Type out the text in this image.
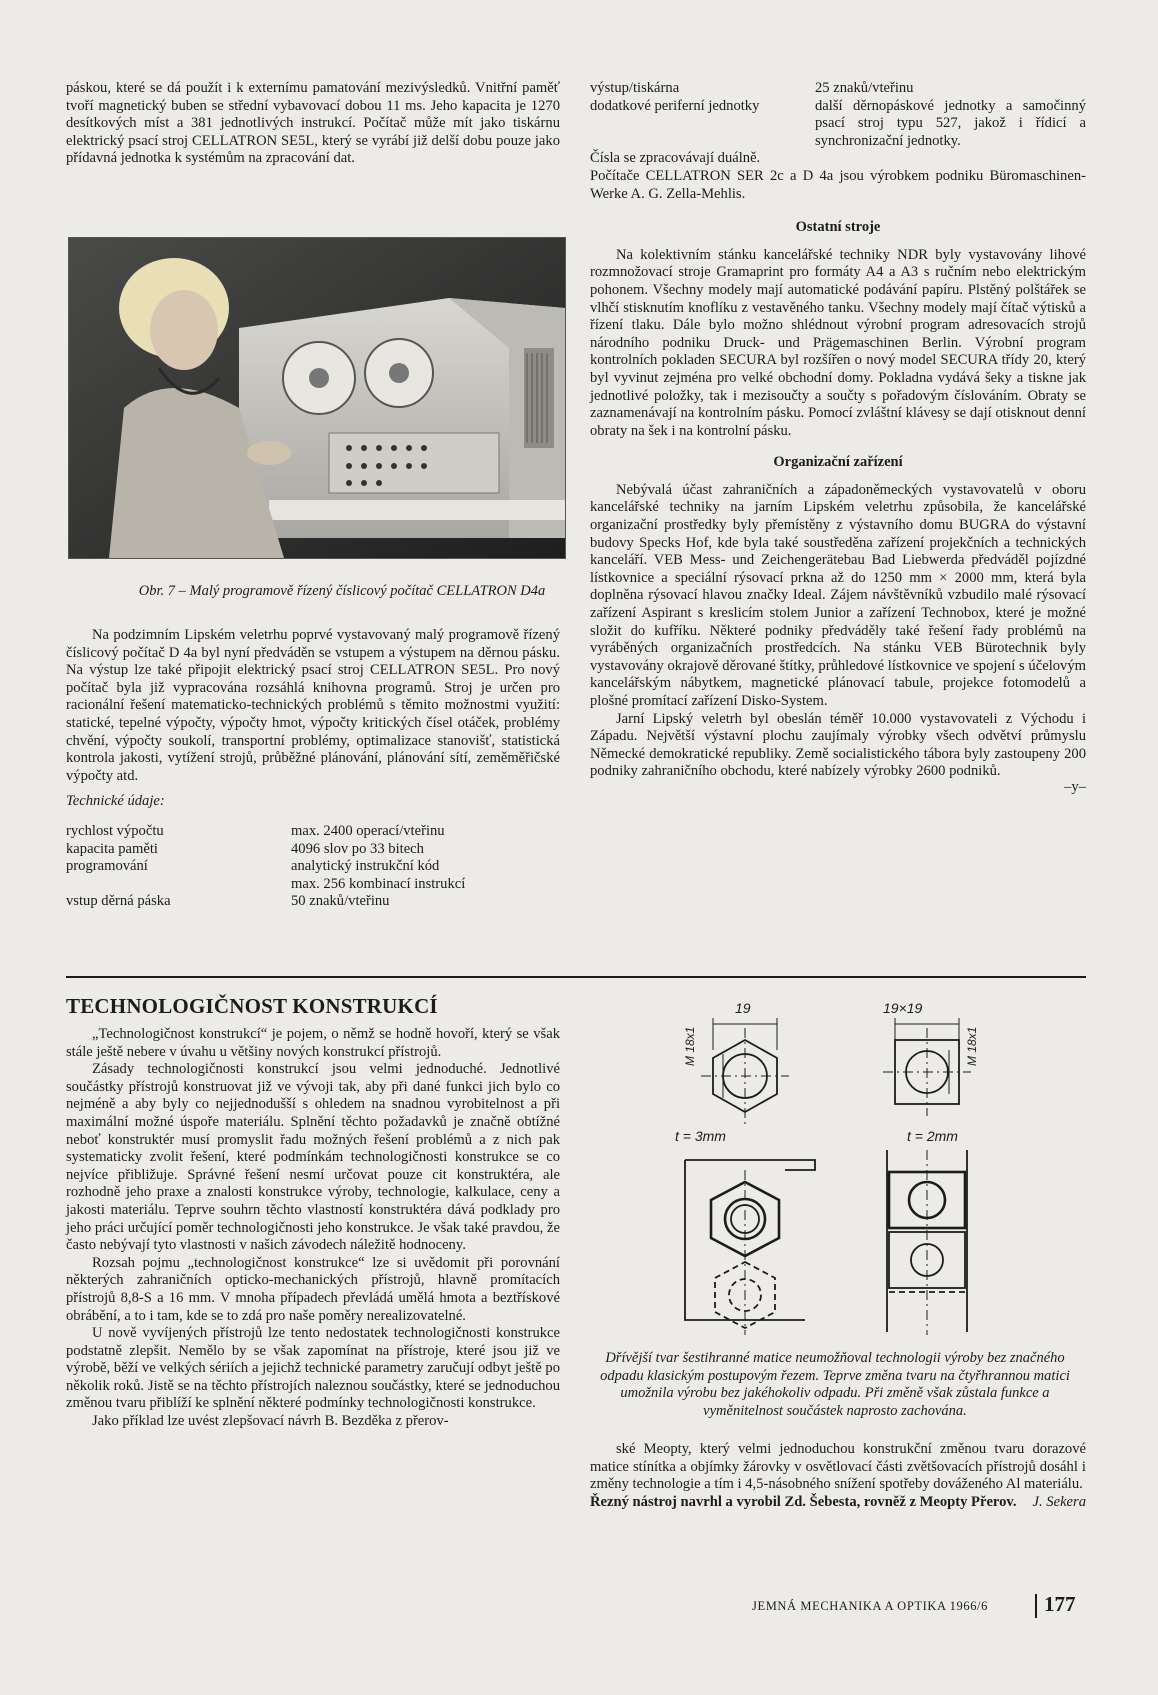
páskou, které se dá použít i k externímu pamatování mezivýsledků. Vnitřní paměť tvoří magnetický buben se střední vybavovací dobou 11 ms. Jeho kapacita je 1270 desítkových míst a 381 jednotlivých instrukcí. Počítač může mít jako tiskárnu elektrický psací stroj CELLATRON SE5L, který se vyrábí již delší dobu pouze jako přídavná jednotka k systémům na zpracování dat.

Obr. 7 – Malý programově řízený číslicový počítač CELLATRON D4a

Na podzimním Lipském veletrhu poprvé vystavovaný malý programově řízený číslicový počítač D 4a byl nyní předváděn se vstupem a výstupem na děrnou pásku. Na výstup lze také připojit elektrický psací stroj CELLATRON SE5L. Pro nový počítač byla již vypracována rozsáhlá knihovna programů. Stroj je určen pro racionální řešení matematicko-technických problémů s těmito možnostmi využití: statické, tepelné výpočty, výpočty hmot, výpočty kritických čísel otáček, problémy chvění, výpočty soukolí, transportní problémy, optimalizace stanovišť, statistická kontrola jakosti, vytížení strojů, průběžné plánování, plánování sítí, zeměměřičské výpočty atd.

Technické údaje:

rychlost výpočtu	max. 2400 operací/vteřinu
kapacita paměti	4096 slov po 33 bitech
programování	analytický instrukční kód
	max. 256 kombinací instrukcí
vstup děrná páska	50 znaků/vteřinu
výstup/tiskárna	25 znaků/vteřinu
dodatkové periferní jednotky	další děrnopáskové jednotky a samočinný psací stroj typu 527, jakož i řídicí a synchronizační jednotky.

Čísla se zpracovávají duálně.

Počítače CELLATRON SER 2c a D 4a jsou výrobkem podniku Büromaschinen-Werke A. G. Zella-Mehlis.

Ostatní stroje

Na kolektivním stánku kancelářské techniky NDR byly vystavovány lihové rozmnožovací stroje Gramaprint pro formáty A4 a A3 s ručním nebo elektrickým pohonem. Všechny modely mají automatické podávání papíru. Plstěný polštářek se vlhčí stisknutím knoflíku z vestavěného tanku. Všechny modely mají čítač výtisků a řízení tlaku. Dále bylo možno shlédnout výrobní program adresovacích strojů národního podniku Druck- und Prägemaschinen Berlin. Výrobní program kontrolních pokladen SECURA byl rozšířen o nový model SECURA třídy 20, který byl vyvinut zejména pro velké obchodní domy. Pokladna vydává šeky a tiskne jak jednotlivé položky, tak i mezisoučty a součty s pořadovým číslováním. Obraty se zaznamenávají na kontrolním pásku. Pomocí zvláštní klávesy se dají otisknout denní obraty na šek i na kontrolní pásku.

Organizační zařízení

Nebývalá účast zahraničních a západoněmeckých vystavovatelů v oboru kancelářské techniky na jarním Lipském veletrhu způsobila, že kancelářské organizační prostředky byly přemístěny z výstavního domu BUGRA do výstavní budovy Specks Hof, kde byla také soustředěna zařízení projekčních a technických kanceláří. VEB Mess- und Zeichengerätebau Bad Liebwerda předváděl pojízdné lístkovnice a speciální rýsovací prkna až do 1250 mm × 2000 mm, která byla doplněna rýsovací hlavou značky Ideal. Zájem návštěvníků vzbudilo malé rýsovací zařízení Aspirant s kreslicím stolem Junior a zařízení Technobox, které je možné složit do kufříku. Některé podniky předváděly také řešení řady problémů na vyráběných organizačních prostředcích. Na stánku VEB Bürotechnik byly vystavovány okrajově děrované štítky, průhledové lístkovnice ve spojení s účelovým kancelářským nábytkem, magnetické plánovací tabule, projekce fotomodelů a plošné promítací zařízení Disko-System.

Jarní Lipský veletrh byl obeslán téměř 10.000 vystavovateli z Východu i Západu. Největší výstavní plochu zaujímaly výrobky všech odvětví průmyslu Německé demokratické republiky. Země socialistického tábora byly zastoupeny 200 podniky zahraničního obchodu, které nabízely výrobky 2600 podniků.

–y–
TECHNOLOGIČNOST KONSTRUKCÍ

„Technologičnost konstrukcí“ je pojem, o němž se hodně hovoří, který se však stále ještě nebere v úvahu u většiny nových konstrukcí přístrojů.

Zásady technologičnosti konstrukcí jsou velmi jednoduché. Jednotlivé součástky přístrojů konstruovat již ve vývoji tak, aby při dané funkci jich bylo co nejméně a aby byly co nejjednodušší s ohledem na snadnou vyrobitelnost a při maximální možné úspoře materiálu. Splnění těchto požadavků je značně obtížné neboť konstruktér musí promyslit řadu možných řešení problémů a z nich pak systematicky zvolit řešení, které podmínkám technologičnosti konstrukce se co nejvíce přibližuje. Správné řešení nesmí určovat pouze cit konstruktéra, ale rozhodně jeho praxe a znalosti konstrukce výroby, technologie, kalkulace, ceny a jakosti materiálu. Teprve souhrn těchto vlastností konstruktéra dává podklady pro jeho práci určující poměr technologičnosti jeho konstrukce. Je však také pravdou, že často nebývají tyto vlastnosti v našich závodech náležitě hodnoceny.

Rozsah pojmu „technologičnost konstrukce“ lze si uvědomit při porovnání některých zahraničních opticko-mechanických přístrojů, hlavně promítacích přístrojů 8,8-S a 16 mm. V mnoha případech převládá umělá hmota a beztřískové obrábění, a to i tam, kde se to zdá pro naše poměry nerealizovatelné.

U nově vyvíjených přístrojů lze tento nedostatek technologičnosti konstrukce podstatně zlepšit. Nemělo by se však zapomínat na přístroje, které jsou již ve výrobě, běží ve velkých sériích a jejichž technické parametry zaručují odbyt ještě po několik roků. Jistě se na těchto přístrojích naleznou součástky, které se jednoduchou změnou tvaru přiblíží ke splnění některé podmínky technologičnosti konstrukce.

Jako příklad lze uvést zlepšovací návrh B. Bezděka z přerov-

19
M 18x1
t = 3mm
19×19
M 18x1
t = 2mm
Dřívější tvar šestihranné matice neumožňoval technologii výroby bez značného odpadu klasickým postupovým řezem. Teprve změna tvaru na čtyřhrannou matici umožnila výrobu bez jakéhokoliv odpadu. Při změně však zůstala funkce a vyměnitelnost součástek naprosto zachována.

ské Meopty, který velmi jednoduchou konstrukční změnou tvaru dorazové matice stínítka a objímky žárovky v osvětlovací části zvětšovacích přístrojů dosáhl i změny technologie a tím i 4,5-násobného snížení spotřeby dováženého Al materiálu.

Řezný nástroj navrhl a vyrobil Zd. Šebesta, rovněž z Meopty Přerov.	J. Sekera
JEMNÁ MECHANIKA A OPTIKA 1966/6	177
